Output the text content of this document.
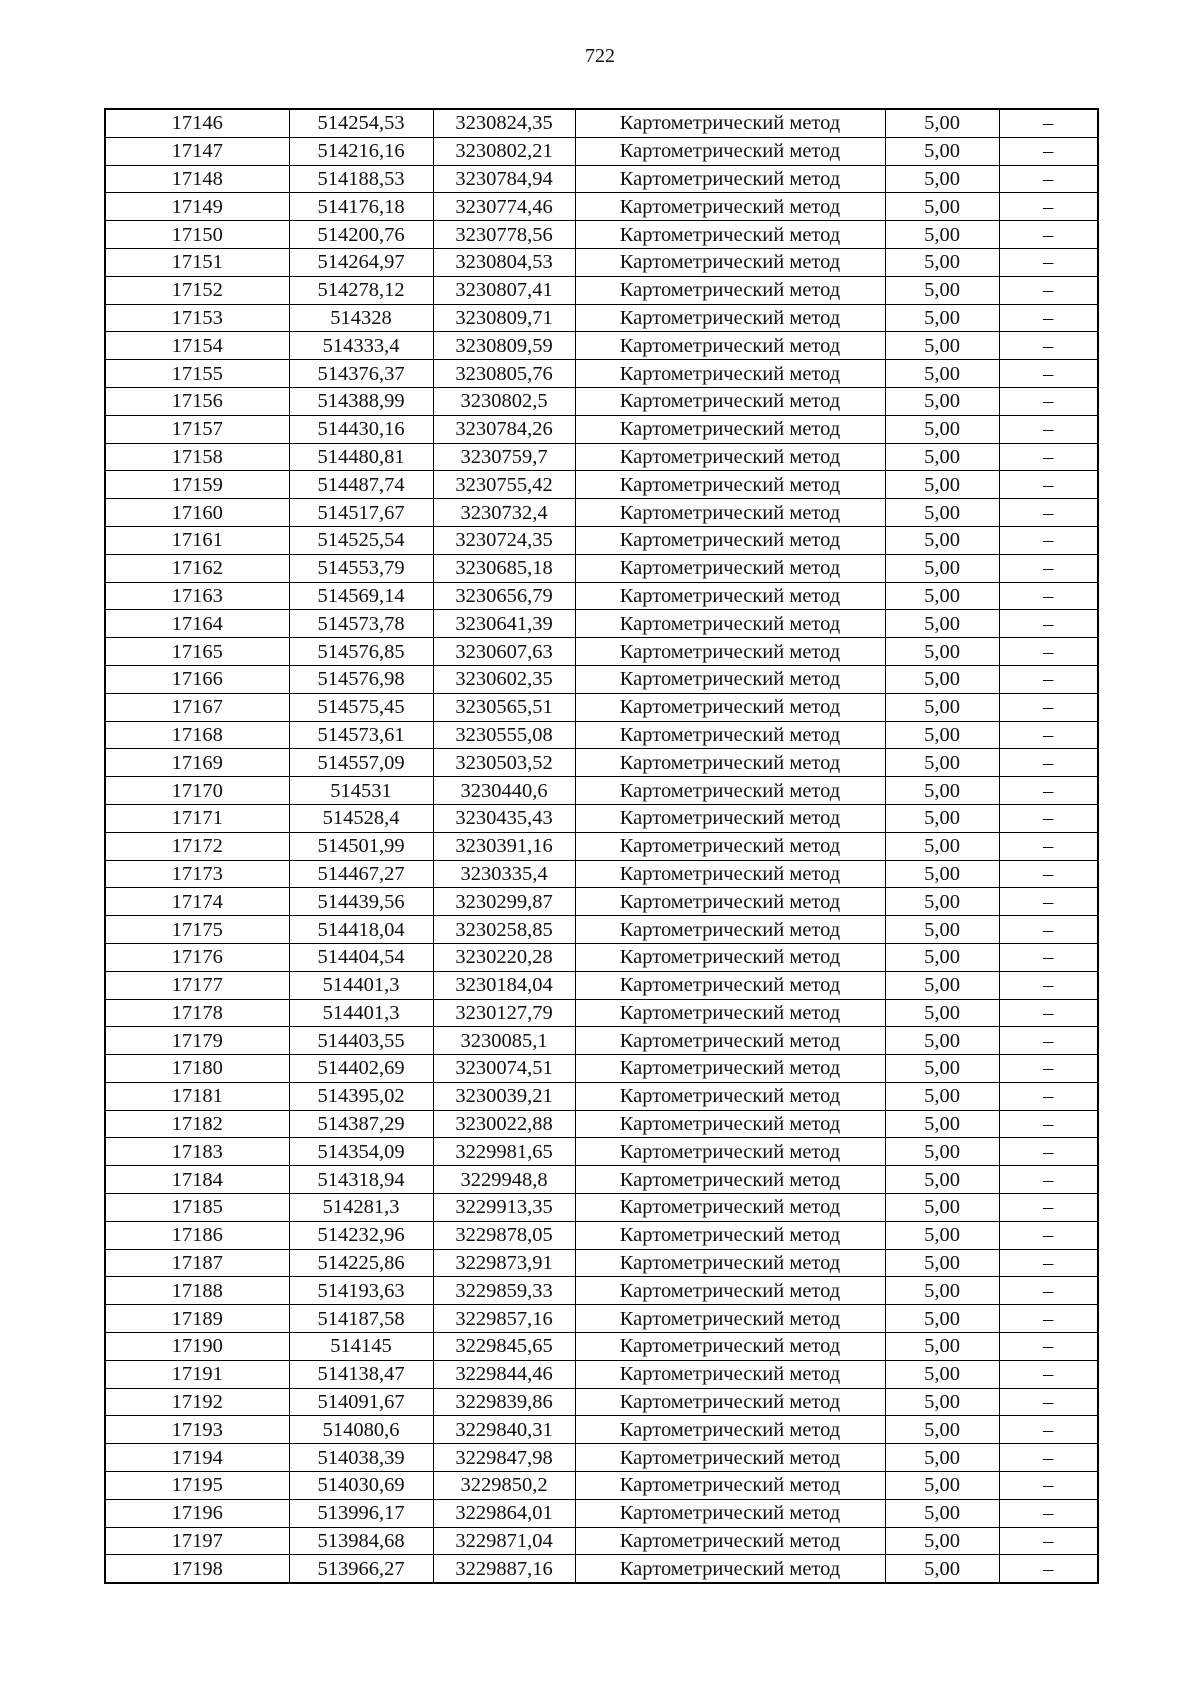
722
17146	514254,53	3230824,35	Картометрический метод	5,00	–
17147	514216,16	3230802,21	Картометрический метод	5,00	–
17148	514188,53	3230784,94	Картометрический метод	5,00	–
17149	514176,18	3230774,46	Картометрический метод	5,00	–
17150	514200,76	3230778,56	Картометрический метод	5,00	–
17151	514264,97	3230804,53	Картометрический метод	5,00	–
17152	514278,12	3230807,41	Картометрический метод	5,00	–
17153	514328	3230809,71	Картометрический метод	5,00	–
17154	514333,4	3230809,59	Картометрический метод	5,00	–
17155	514376,37	3230805,76	Картометрический метод	5,00	–
17156	514388,99	3230802,5	Картометрический метод	5,00	–
17157	514430,16	3230784,26	Картометрический метод	5,00	–
17158	514480,81	3230759,7	Картометрический метод	5,00	–
17159	514487,74	3230755,42	Картометрический метод	5,00	–
17160	514517,67	3230732,4	Картометрический метод	5,00	–
17161	514525,54	3230724,35	Картометрический метод	5,00	–
17162	514553,79	3230685,18	Картометрический метод	5,00	–
17163	514569,14	3230656,79	Картометрический метод	5,00	–
17164	514573,78	3230641,39	Картометрический метод	5,00	–
17165	514576,85	3230607,63	Картометрический метод	5,00	–
17166	514576,98	3230602,35	Картометрический метод	5,00	–
17167	514575,45	3230565,51	Картометрический метод	5,00	–
17168	514573,61	3230555,08	Картометрический метод	5,00	–
17169	514557,09	3230503,52	Картометрический метод	5,00	–
17170	514531	3230440,6	Картометрический метод	5,00	–
17171	514528,4	3230435,43	Картометрический метод	5,00	–
17172	514501,99	3230391,16	Картометрический метод	5,00	–
17173	514467,27	3230335,4	Картометрический метод	5,00	–
17174	514439,56	3230299,87	Картометрический метод	5,00	–
17175	514418,04	3230258,85	Картометрический метод	5,00	–
17176	514404,54	3230220,28	Картометрический метод	5,00	–
17177	514401,3	3230184,04	Картометрический метод	5,00	–
17178	514401,3	3230127,79	Картометрический метод	5,00	–
17179	514403,55	3230085,1	Картометрический метод	5,00	–
17180	514402,69	3230074,51	Картометрический метод	5,00	–
17181	514395,02	3230039,21	Картометрический метод	5,00	–
17182	514387,29	3230022,88	Картометрический метод	5,00	–
17183	514354,09	3229981,65	Картометрический метод	5,00	–
17184	514318,94	3229948,8	Картометрический метод	5,00	–
17185	514281,3	3229913,35	Картометрический метод	5,00	–
17186	514232,96	3229878,05	Картометрический метод	5,00	–
17187	514225,86	3229873,91	Картометрический метод	5,00	–
17188	514193,63	3229859,33	Картометрический метод	5,00	–
17189	514187,58	3229857,16	Картометрический метод	5,00	–
17190	514145	3229845,65	Картометрический метод	5,00	–
17191	514138,47	3229844,46	Картометрический метод	5,00	–
17192	514091,67	3229839,86	Картометрический метод	5,00	–
17193	514080,6	3229840,31	Картометрический метод	5,00	–
17194	514038,39	3229847,98	Картометрический метод	5,00	–
17195	514030,69	3229850,2	Картометрический метод	5,00	–
17196	513996,17	3229864,01	Картометрический метод	5,00	–
17197	513984,68	3229871,04	Картометрический метод	5,00	–
17198	513966,27	3229887,16	Картометрический метод	5,00	–
